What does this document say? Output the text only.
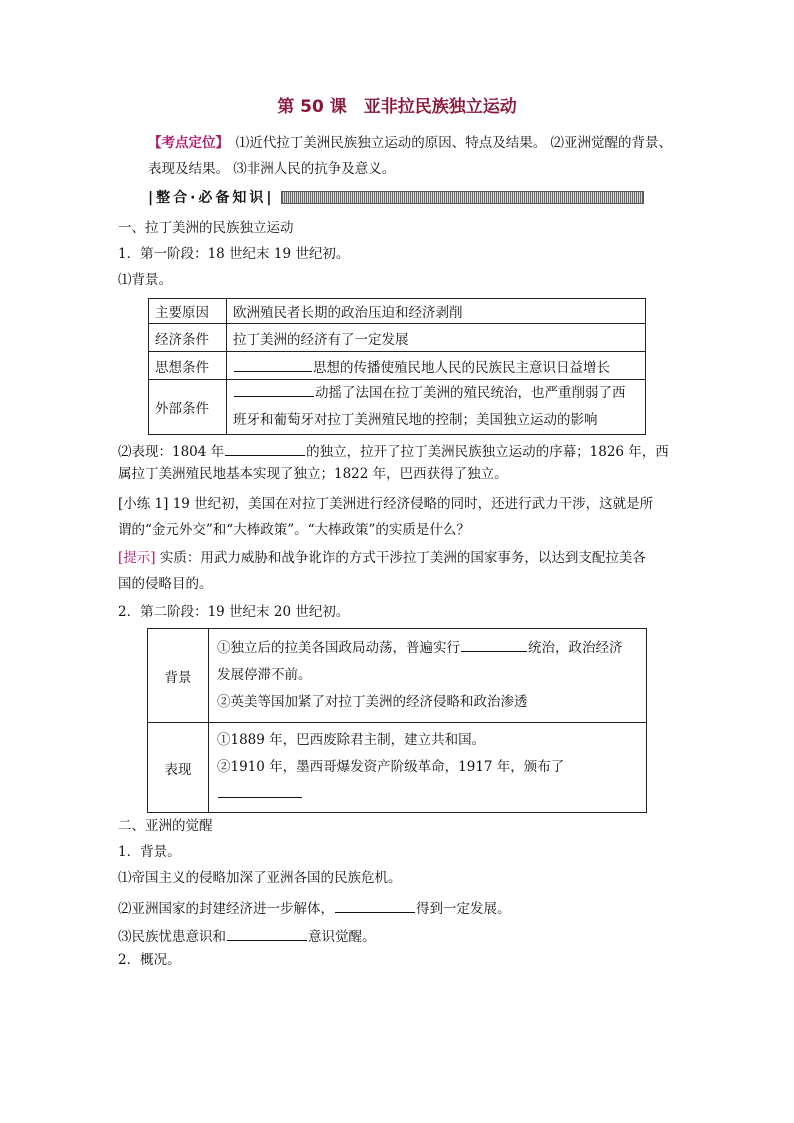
第 50 课　亚非拉民族独立运动
【考点定位】　⑴近代拉丁美洲民族独立运动的原因、特点及结果。 ⑵亚洲觉醒的背景、
表现及结果。 ⑶非洲人民的抗争及意义。
|整合·必备知识|
一、拉丁美洲的民族独立运动
1．第一阶段：18 世纪末 19 世纪初。
⑴背景。
主要原因	欧洲殖民者长期的政治压迫和经济剥削
经济条件	拉丁美洲的经济有了一定发展
思想条件	思想的传播使殖民地人民的民族民主意识日益增长
外部条件	动摇了法国在拉丁美洲的殖民统治，也严重削弱了西
班牙和葡萄牙对拉丁美洲殖民地的控制；美国独立运动的影响
⑵表现：1804 年	的独立，拉开了拉丁美洲民族独立运动的序幕；1826 年，西
属拉丁美洲殖民地基本实现了独立；1822 年，巴西获得了独立。
[小练 1] 19 世纪初，美国在对拉丁美洲进行经济侵略的同时，还进行武力干涉，这就是所
谓的“金元外交”和“大棒政策”。“大棒政策”的实质是什么？
[提示] 实质：用武力威胁和战争讹诈的方式干涉拉丁美洲的国家事务，以达到支配拉美各
国的侵略目的。
2．第二阶段：19 世纪末 20 世纪初。
背景	①独立后的拉美各国政局动荡，普遍实行 统治，政治经济
发展停滞不前。
②英美等国加紧了对拉丁美洲的经济侵略和政治渗透
表现	①1889 年，巴西废除君主制，建立共和国。
②1910 年，墨西哥爆发资产阶级革命，1917 年，颁布了
二、亚洲的觉醒
1．背景。
⑴帝国主义的侵略加深了亚洲各国的民族危机。
⑵亚洲国家的封建经济进一步解体，	得到一定发展。
⑶民族忧患意识和	意识觉醒。
2．概况。
